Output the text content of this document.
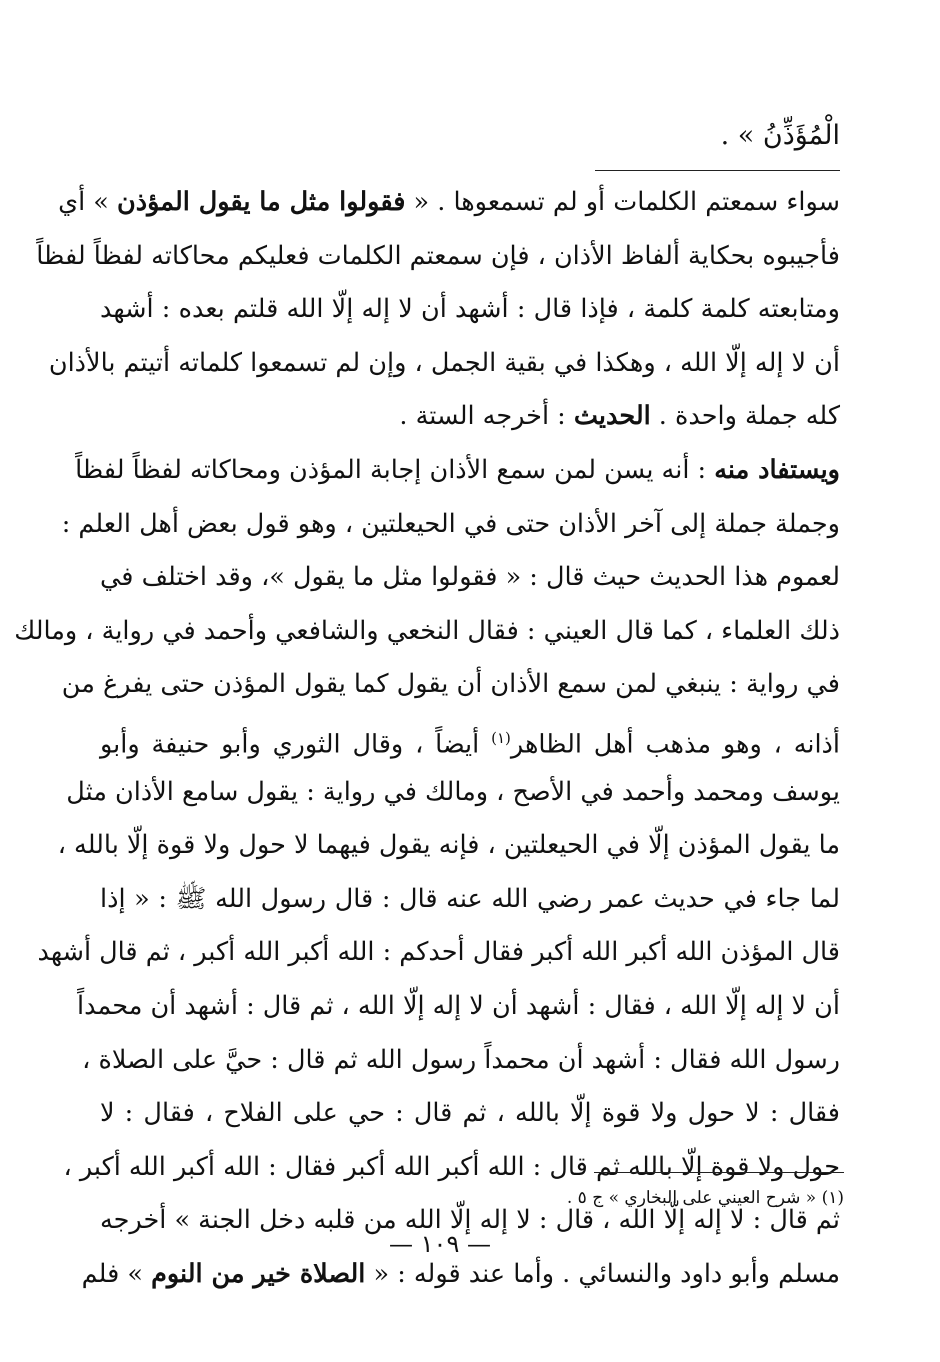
الْمُؤَذِّنُ » .
سواء سمعتم الكلمات أو لم تسمعوها . « فقولوا مثل ما يقول المؤذن » أي
فأجيبوه بحكاية ألفاظ الأذان ، فإن سمعتم الكلمات فعليكم محاكاته لفظاً لفظاً
ومتابعته كلمة كلمة ، فإذا قال : أشهد أن لا إله إلّا الله قلتم بعده : أشهد
أن لا إله إلّا الله ، وهكذا في بقية الجمل ، وإن لم تسمعوا كلماته أتيتم بالأذان
كله جملة واحدة . الحديث : أخرجه الستة .
ويستفاد منه : أنه يسن لمن سمع الأذان إجابة المؤذن ومحاكاته لفظاً لفظاً
وجملة جملة إلى آخر الأذان حتى في الحيعلتين ، وهو قول بعض أهل العلم :
لعموم هذا الحديث حيث قال : « فقولوا مثل ما يقول »، وقد اختلف في
ذلك العلماء ، كما قال العيني : فقال النخعي والشافعي وأحمد في رواية ، ومالك
في رواية : ينبغي لمن سمع الأذان أن يقول كما يقول المؤذن حتى يفرغ من
أذانه ، وهو مذهب أهل الظاهر$^{(١)}$ أيضاً ، وقال الثوري وأبو حنيفة وأبو
يوسف ومحمد وأحمد في الأصح ، ومالك في رواية : يقول سامع الأذان مثل
ما يقول المؤذن إلّا في الحيعلتين ، فإنه يقول فيهما لا حول ولا قوة إلّا بالله ،
لما جاء في حديث عمر رضي الله عنه قال : قال رسول الله ﷺ : « إذا
قال المؤذن الله أكبر الله أكبر فقال أحدكم : الله أكبر الله أكبر ، ثم قال أشهد
أن لا إله إلّا الله ، فقال : أشهد أن لا إله إلّا الله ، ثم قال : أشهد أن محمداً
رسول الله فقال : أشهد أن محمداً رسول الله ثم قال : حيَّ على الصلاة ،
فقال : لا حول ولا قوة إلّا بالله ، ثم قال : حي على الفلاح ، فقال : لا
حول ولا قوة إلّا بالله ثم قال : الله أكبر الله أكبر فقال : الله أكبر الله أكبر ،
ثم قال : لا إله إلّا الله ، قال : لا إله إلّا الله من قلبه دخل الجنة » أخرجه
مسلم وأبو داود والنسائي . وأما عند قوله : « الصلاة خير من النوم » فلم
(١) « شرح العيني على البخاري » ج ٥ .
— ١٠٩ —
